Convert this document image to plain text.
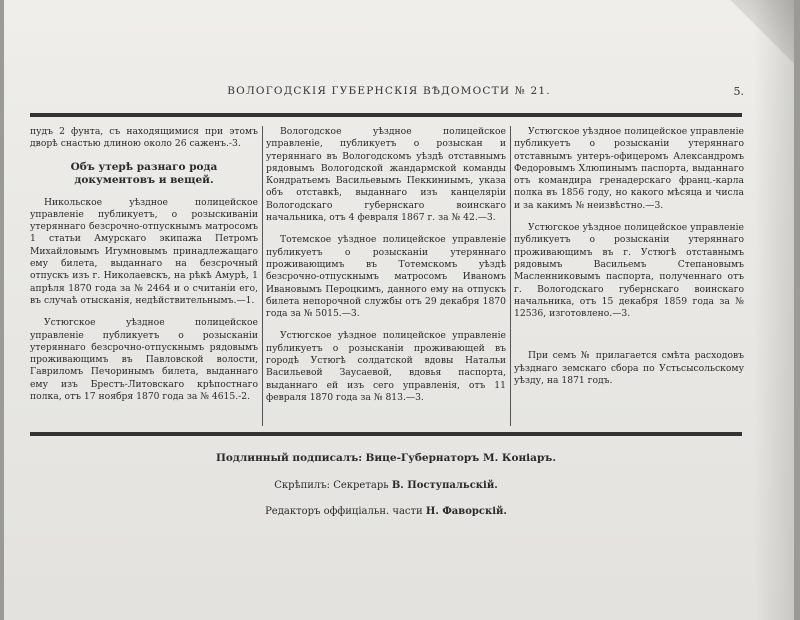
ВОЛОГОДСКІЯ ГУБЕРНСКІЯ ВѢДОМОСТИ № 21.	5.

пудъ 2 фунта, съ находящимися при этомъ дворѣ снастью длиною около 26 саженъ.-3.

Объ утерѣ разнаго рода документовъ и вещей.

Никольское уѣздное полицейское управленіе публикуетъ, о розыскиваніи утеряннаго безсрочно-отпускнымъ матросомъ 1 статьи Амурскаго экипажа Петромъ Михайловымъ Игумновымъ принадлежащаго ему билета, выданнаго на безсрочный отпускъ изъ г. Николаевскъ, на рѣкѣ Амурѣ, 1 апрѣля 1870 года за № 2464 и о считаніи его, въ случаѣ отысканія, недѣйствительнымъ.—1.

Устюгское уѣздное полицейское управленіе публикуетъ о розысканіи утеряннаго безсрочно-отпускнымъ рядовымъ проживающимъ въ Павловской волости, Гавриломъ Печоринымъ билета, выданнаго ему изъ Брестъ-Литовскаго крѣпостнаго полка, отъ 17 ноября 1870 года за № 4615.-2.

Вологодское уѣздное полицейское управленіе, публикуетъ о розыскан и утеряннаго въ Вологодскомъ уѣздѣ отставнымъ рядовымъ Вологодской жандармской команды Кондратьемъ Васильевымъ Пеккиниымъ, указа объ отставкѣ, выданнаго изъ канцеляріи Вологодскаго губернскаго воинскаго начальника, отъ 4 февраля 1867 г. за № 42.—3.

Тотемское уѣздное полицейское управленіе публикуетъ о розысканіи утеряннаго проживающимъ въ Тотемскомъ уѣздѣ безсрочно-отпускнымъ матросомъ Иваномъ Ивановымъ Пероцкимъ, данного ему на отпускъ билета непорочной службы отъ 29 декабря 1870 года за № 5015.—3.

Устюгское уѣздное полицейское управленіе публикуетъ о розысканіи проживающей въ городѣ Устюгѣ солдатской вдовы Натальи Васильевой Заусаевой, вдовья паспорта, выданнаго ей изъ сего управленія, отъ 11 февраля 1870 года за № 813.—3.

Устюгское уѣздное полицейское управленіе публикуетъ о розысканіи утеряннаго отставнымъ унтеръ-офицеромъ Александромъ Федоровымъ Хлюпинымъ паспорта, выданнаго отъ командира гренадерскаго франц.-карла полка въ 1856 году, но какого мѣсяца и числа и за какимъ № неизвѣстно.—3.

Устюгское уѣздное полицейское управленіе публикуетъ о розысканіи утеряннаго проживающимъ въ г. Устюгѣ отставнымъ рядовымъ Васильемъ Степановымъ Масленниковымъ паспорта, полученнаго отъ г. Вологодскаго губернскаго воинскаго начальника, отъ 15 декабря 1859 года за № 12536, изготовлено.—3.

При семъ № прилагается смѣта расходовъ уѣзднаго земскаго сбора по Устьсысольскому уѣзду, на 1871 годъ.

Подлинный подписалъ: Вице-Губернаторъ М. Коніаръ.
Скрѣпилъ: Секретарь В. Поступальскій.
Редакторъ оффиціальн. части Н. Фаворскій.
